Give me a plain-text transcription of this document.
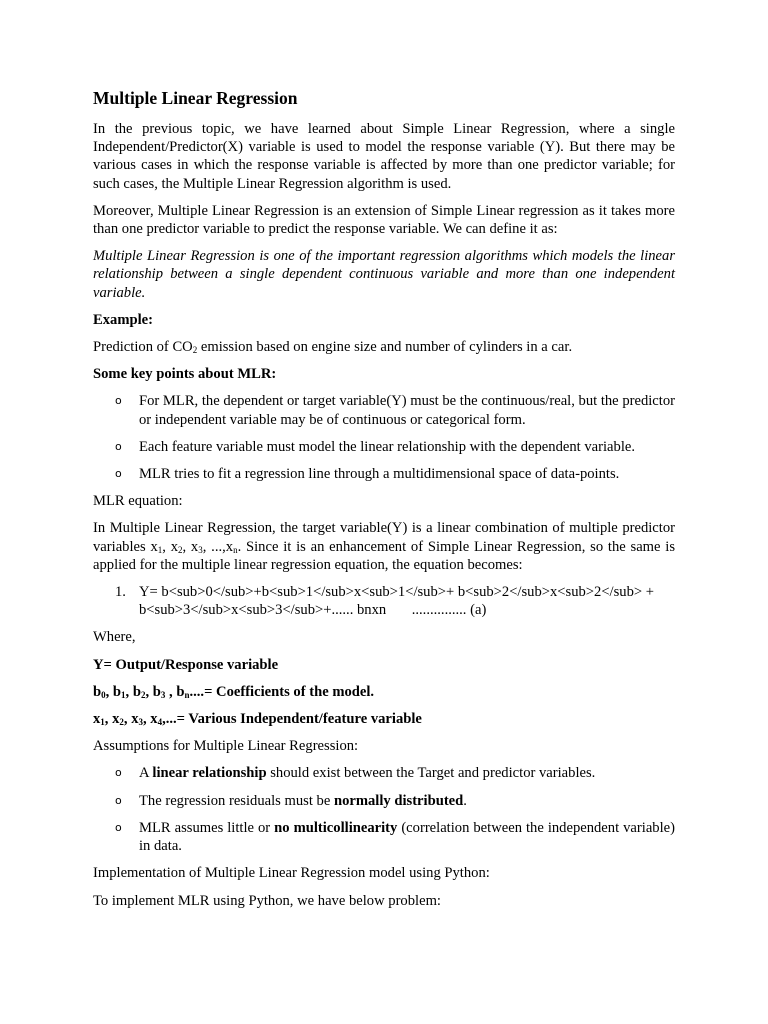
Multiple Linear Regression

In the previous topic, we have learned about Simple Linear Regression, where a single Independent/Predictor(X) variable is used to model the response variable (Y). But there may be various cases in which the response variable is affected by more than one predictor variable; for such cases, the Multiple Linear Regression algorithm is used.

Moreover, Multiple Linear Regression is an extension of Simple Linear regression as it takes more than one predictor variable to predict the response variable. We can define it as:

Multiple Linear Regression is one of the important regression algorithms which models the linear relationship between a single dependent continuous variable and more than one independent variable.

Example:

Prediction of $CO_2$ emission based on engine size and number of cylinders in a car.

Some key points about MLR:

o For MLR, the dependent or target variable(Y) must be the continuous/real, but the predictor or independent variable may be of continuous or categorical form.
o Each feature variable must model the linear relationship with the dependent variable.
o MLR tries to fit a regression line through a multidimensional space of data-points.

MLR equation:

In Multiple Linear Regression, the target variable(Y) is a linear combination of multiple predictor variables $x_1$, $x_2$, $x_3$, $...,x_n$. Since it is an enhancement of Simple Linear Regression, so the same is applied for the multiple linear regression equation, the equation becomes:

1. Y= b<sub>0</sub>+b<sub>1</sub>x<sub>1</sub>+ b<sub>2</sub>x<sub>2</sub> + b<sub>3</sub>x<sub>3</sub>+...... bnxn       ............... (a)

Where,

Y= Output/Response variable

$b_0$, $b_1$, $b_2$, $b_3$ , $b_n....=$ Coefficients of the model.

$x_1$, $x_2$, $x_3$, $x_4,...=$ Various Independent/feature variable

Assumptions for Multiple Linear Regression:

o A linear relationship should exist between the Target and predictor variables.
o The regression residuals must be normally distributed.
o MLR assumes little or no multicollinearity (correlation between the independent variable) in data.

Implementation of Multiple Linear Regression model using Python:

To implement MLR using Python, we have below problem:
